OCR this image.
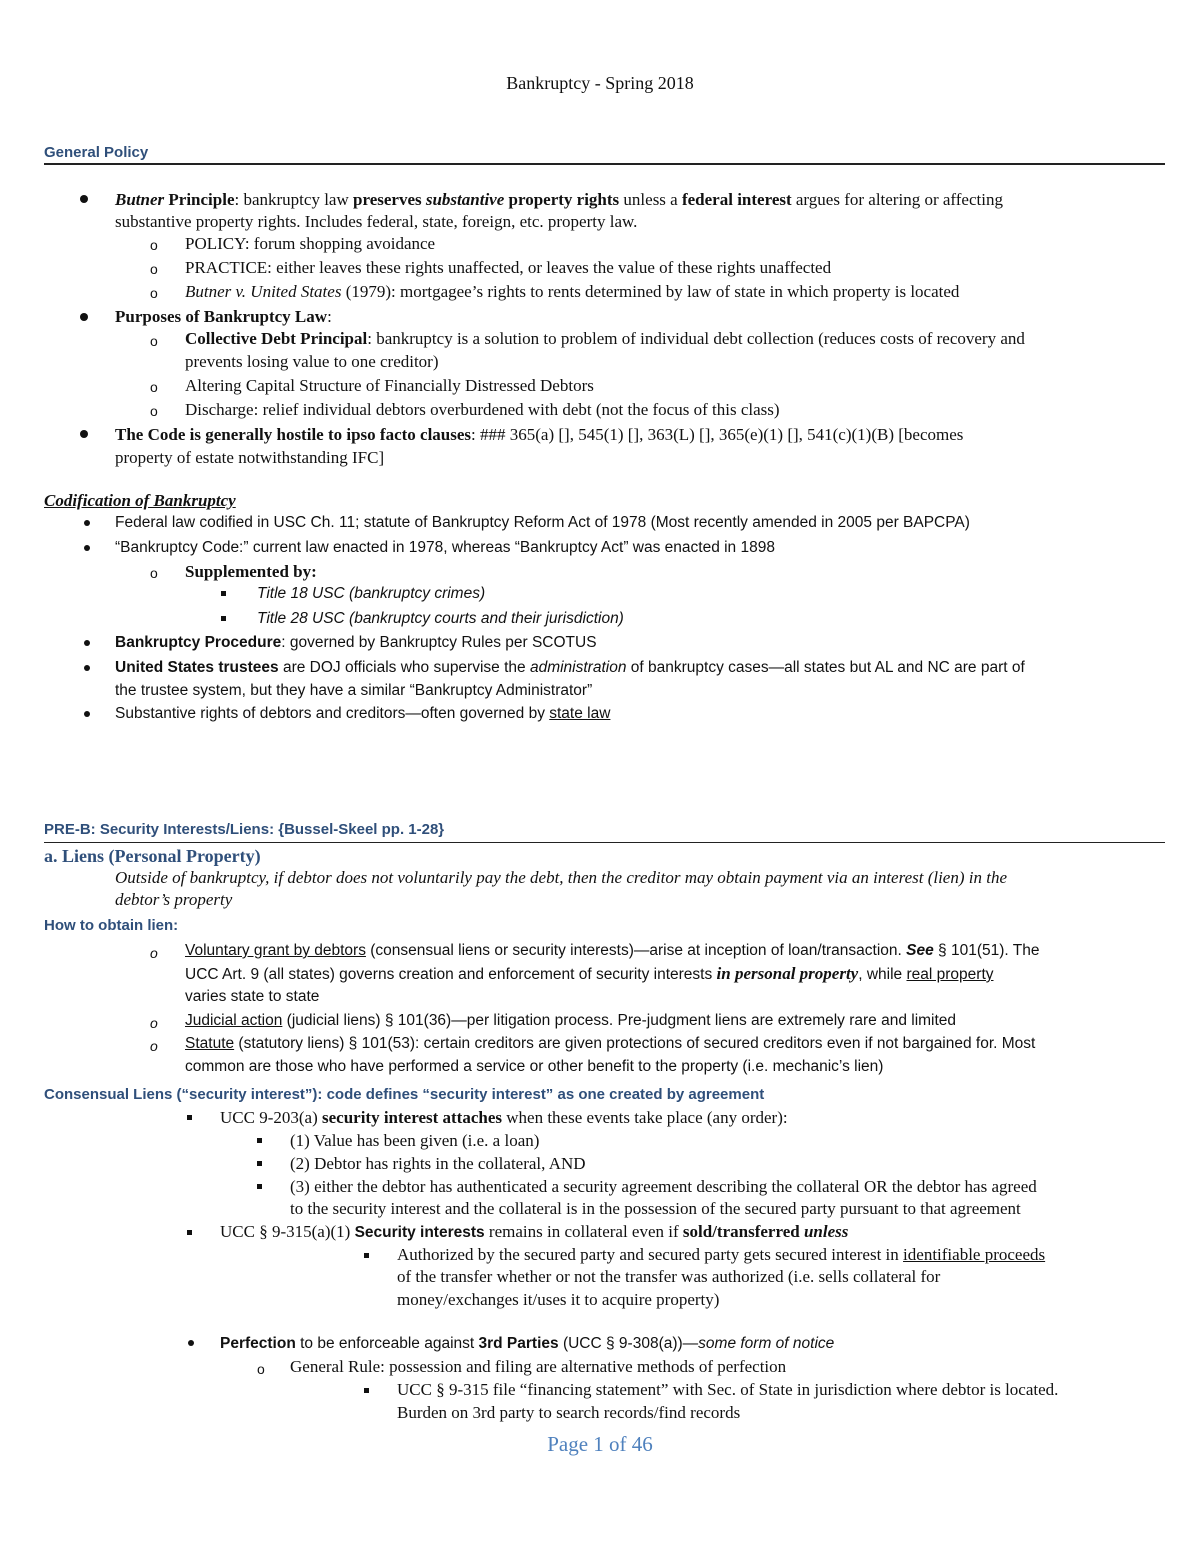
Bankruptcy - Spring 2018
General Policy
Butner Principle: bankruptcy law preserves substantive property rights unless a federal interest argues for altering or affecting
substantive property rights. Includes federal, state, foreign, etc. property law.
o POLICY: forum shopping avoidance
o PRACTICE: either leaves these rights unaffected, or leaves the value of these rights unaffected
o Butner v. United States (1979): mortgagee’s rights to rents determined by law of state in which property is located
Purposes of Bankruptcy Law:
o Collective Debt Principal: bankruptcy is a solution to problem of individual debt collection (reduces costs of recovery and
prevents losing value to one creditor)
o Altering Capital Structure of Financially Distressed Debtors
o Discharge: relief individual debtors overburdened with debt (not the focus of this class)
The Code is generally hostile to ipso facto clauses: ### 365(a) [], 545(1) [], 363(L) [], 365(e)(1) [], 541(c)(1)(B) [becomes
property of estate notwithstanding IFC]
Codification of Bankruptcy
Federal law codified in USC Ch. 11; statute of Bankruptcy Reform Act of 1978 (Most recently amended in 2005 per BAPCPA)
“Bankruptcy Code:” current law enacted in 1978, whereas “Bankruptcy Act” was enacted in 1898
o Supplemented by:
Title 18 USC (bankruptcy crimes)
Title 28 USC (bankruptcy courts and their jurisdiction)
Bankruptcy Procedure: governed by Bankruptcy Rules per SCOTUS
United States trustees are DOJ officials who supervise the administration of bankruptcy cases—all states but AL and NC are part of
the trustee system, but they have a similar “Bankruptcy Administrator”
Substantive rights of debtors and creditors—often governed by state law
PRE-B: Security Interests/Liens: {Bussel-Skeel pp. 1-28}
a. Liens (Personal Property)
Outside of bankruptcy, if debtor does not voluntarily pay the debt, then the creditor may obtain payment via an interest (lien) in the
debtor’s property
How to obtain lien:
o Voluntary grant by debtors (consensual liens or security interests)—arise at inception of loan/transaction. See § 101(51). The
UCC Art. 9 (all states) governs creation and enforcement of security interests in personal property, while real property
varies state to state
o Judicial action (judicial liens) § 101(36)—per litigation process. Pre-judgment liens are extremely rare and limited
o Statute (statutory liens) § 101(53): certain creditors are given protections of secured creditors even if not bargained for. Most
common are those who have performed a service or other benefit to the property (i.e. mechanic’s lien)
Consensual Liens (“security interest”): code defines “security interest” as one created by agreement
UCC 9-203(a) security interest attaches when these events take place (any order):
(1) Value has been given (i.e. a loan)
(2) Debtor has rights in the collateral, AND
(3) either the debtor has authenticated a security agreement describing the collateral OR the debtor has agreed
to the security interest and the collateral is in the possession of the secured party pursuant to that agreement
UCC § 9-315(a)(1) Security interests remains in collateral even if sold/transferred unless
Authorized by the secured party and secured party gets secured interest in identifiable proceeds
of the transfer whether or not the transfer was authorized (i.e. sells collateral for
money/exchanges it/uses it to acquire property)
Perfection to be enforceable against 3rd Parties (UCC § 9-308(a))—some form of notice
o General Rule: possession and filing are alternative methods of perfection
UCC § 9-315 file “financing statement” with Sec. of State in jurisdiction where debtor is located.
Burden on 3rd party to search records/find records
Page 1 of 46
